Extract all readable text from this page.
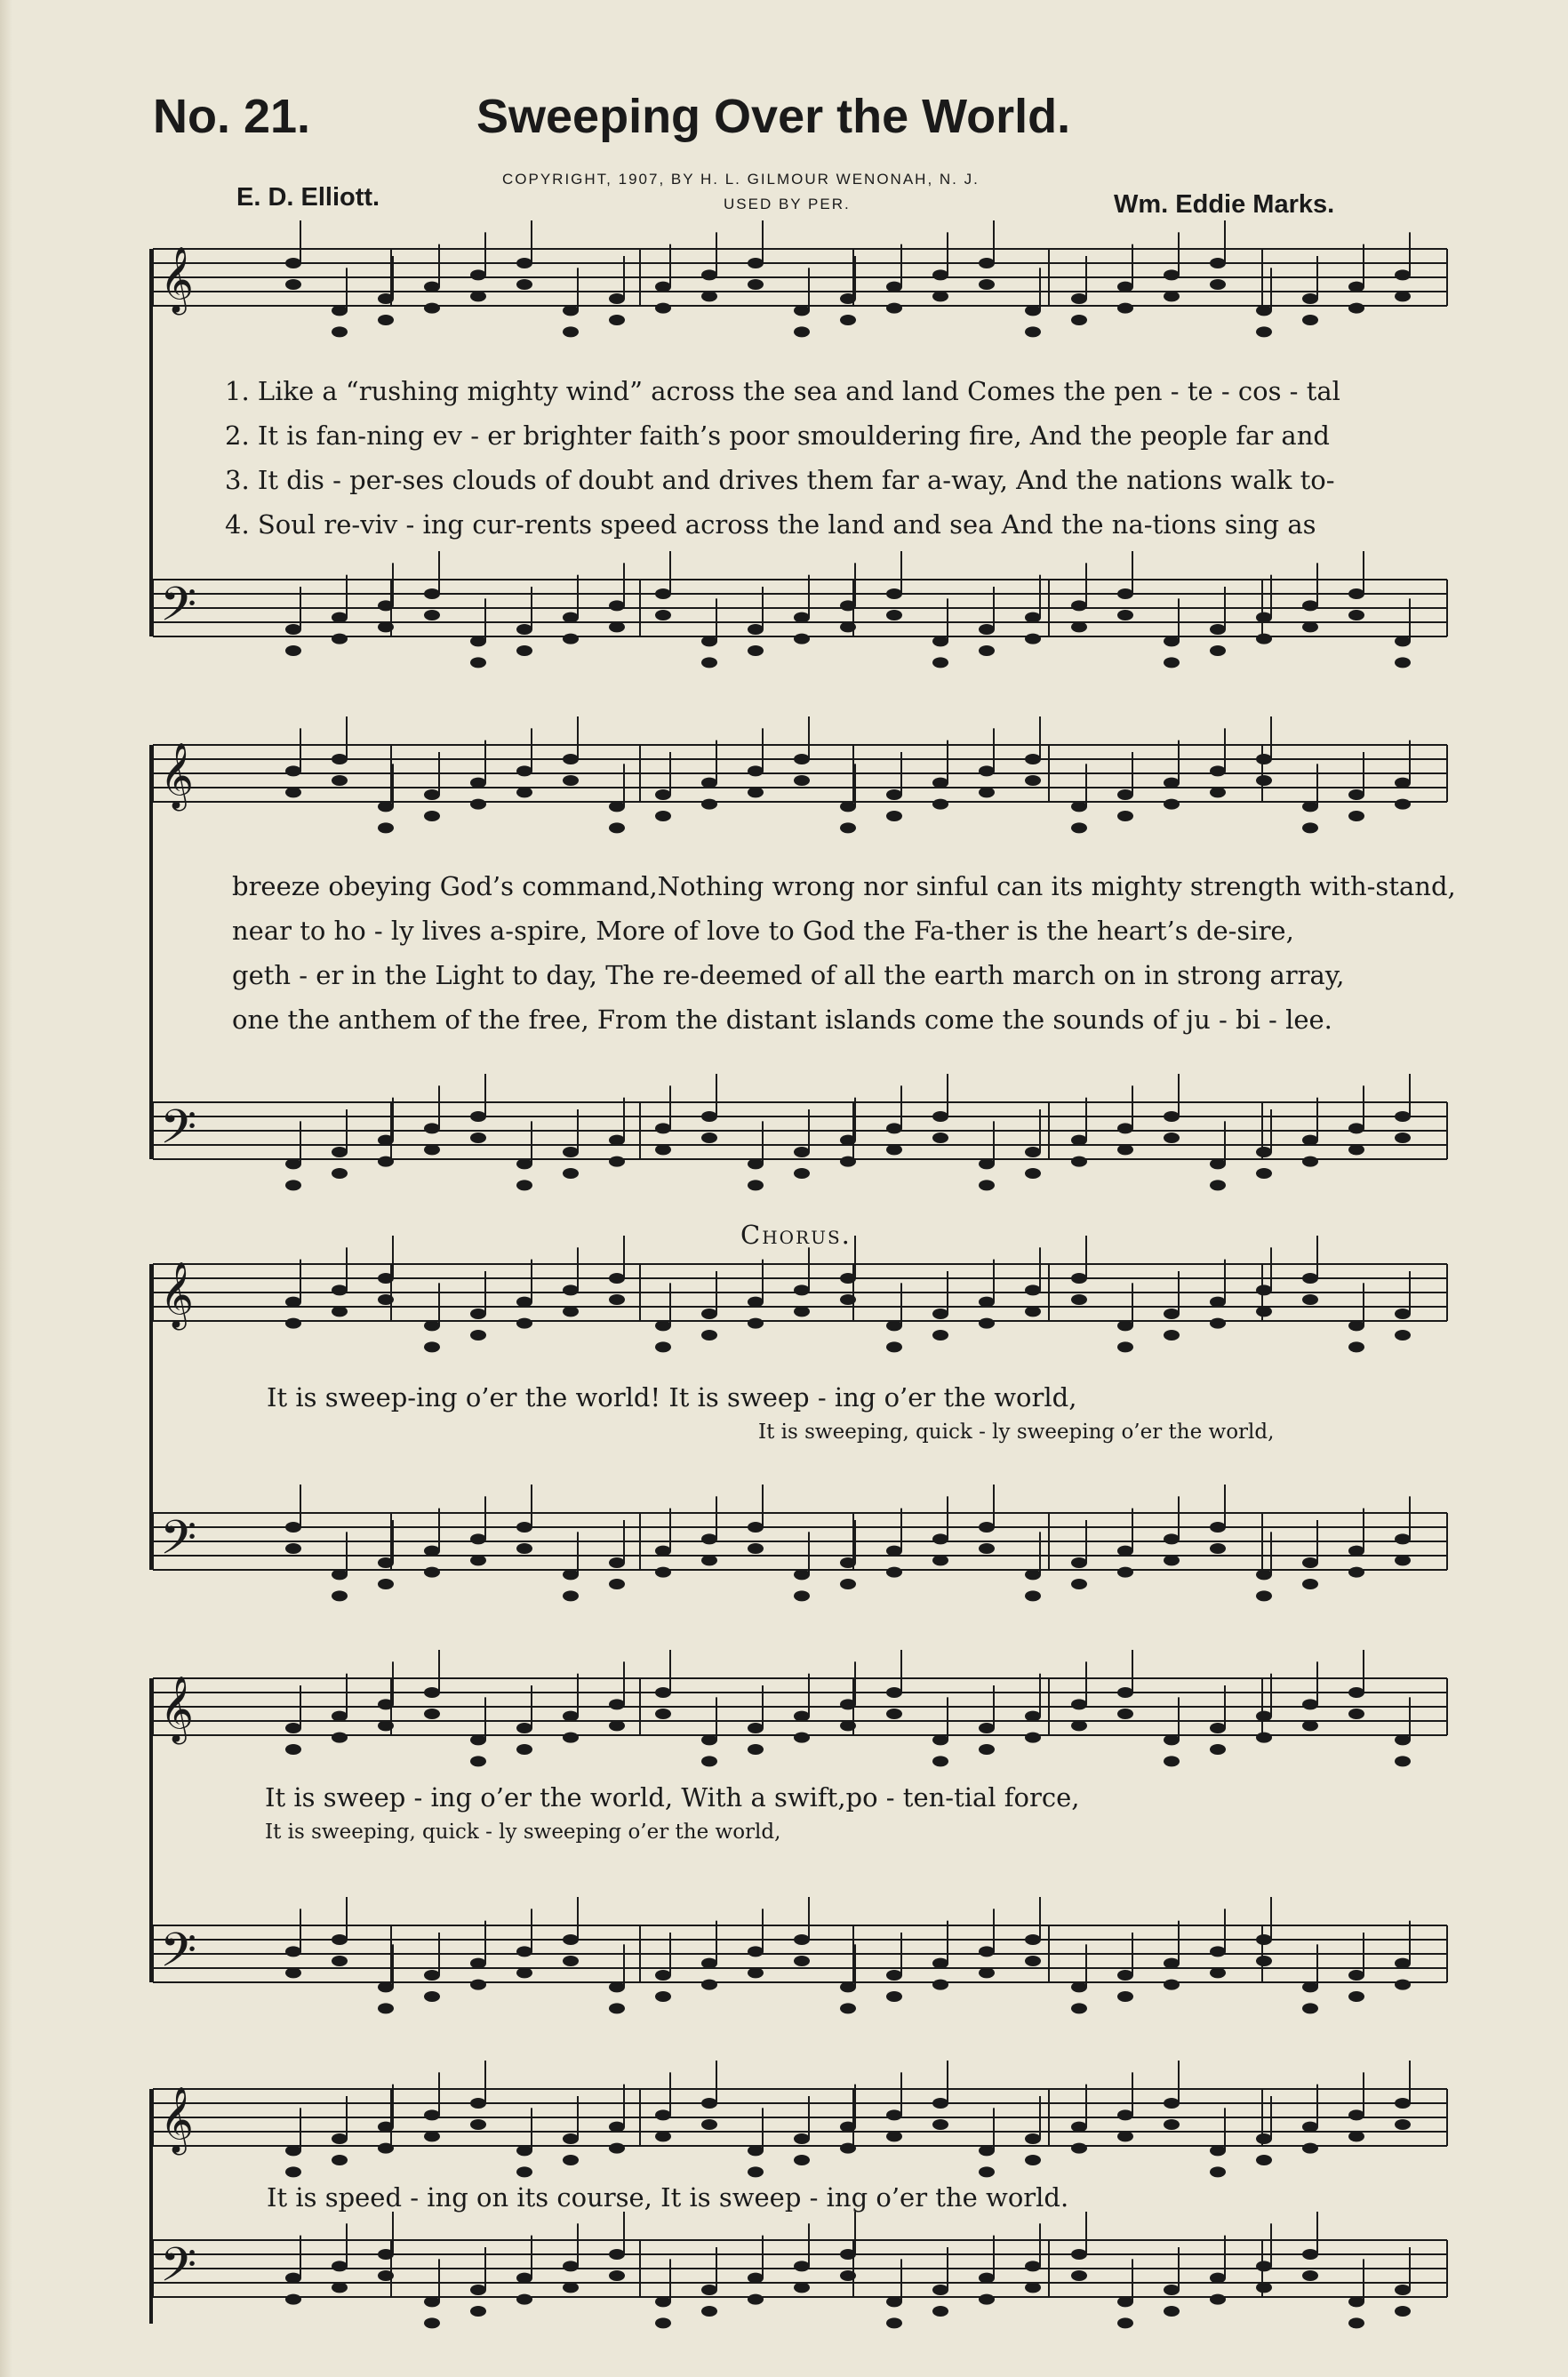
No. 21.	Sweeping Over the World.
COPYRIGHT, 1907, BY H. L. GILMOUR WENONAH, N. J.
USED BY PER.
E. D. Elliott.	Wm. Eddie Marks.
𝄞
𝄢
𝄞
𝄢
𝄞
𝄢
𝄞
𝄢
𝄞
𝄢
1. Like a “rushing mighty wind” across the sea and land Comes the pen - te - cos - tal
2. It is fan-ning ev - er brighter faith’s poor smouldering fire, And the people far and
3. It dis - per-ses clouds of doubt and drives them far a-way, And the nations walk to-
4. Soul re-viv - ing cur-rents speed across the land and sea And the na-tions sing as
breeze obeying God’s command,Nothing wrong nor sinful can its mighty strength with-stand,
near to ho - ly lives a-spire, More of love to God the Fa-ther is the heart’s de-sire,
geth - er in the Light to day, The re-deemed of all the earth march on in strong array,
one the anthem of the free, From the distant islands come the sounds of ju - bi - lee.
Chorus.
It is sweep-ing o’er the world! It is sweep - ing o’er the world,
It is sweeping, quick - ly sweeping o’er the world,
It is sweep - ing o’er the world, With a swift,po - ten-tial force,
It is sweeping, quick - ly sweeping o’er the world,
It is speed - ing on its course, It is sweep - ing o’er the world.
